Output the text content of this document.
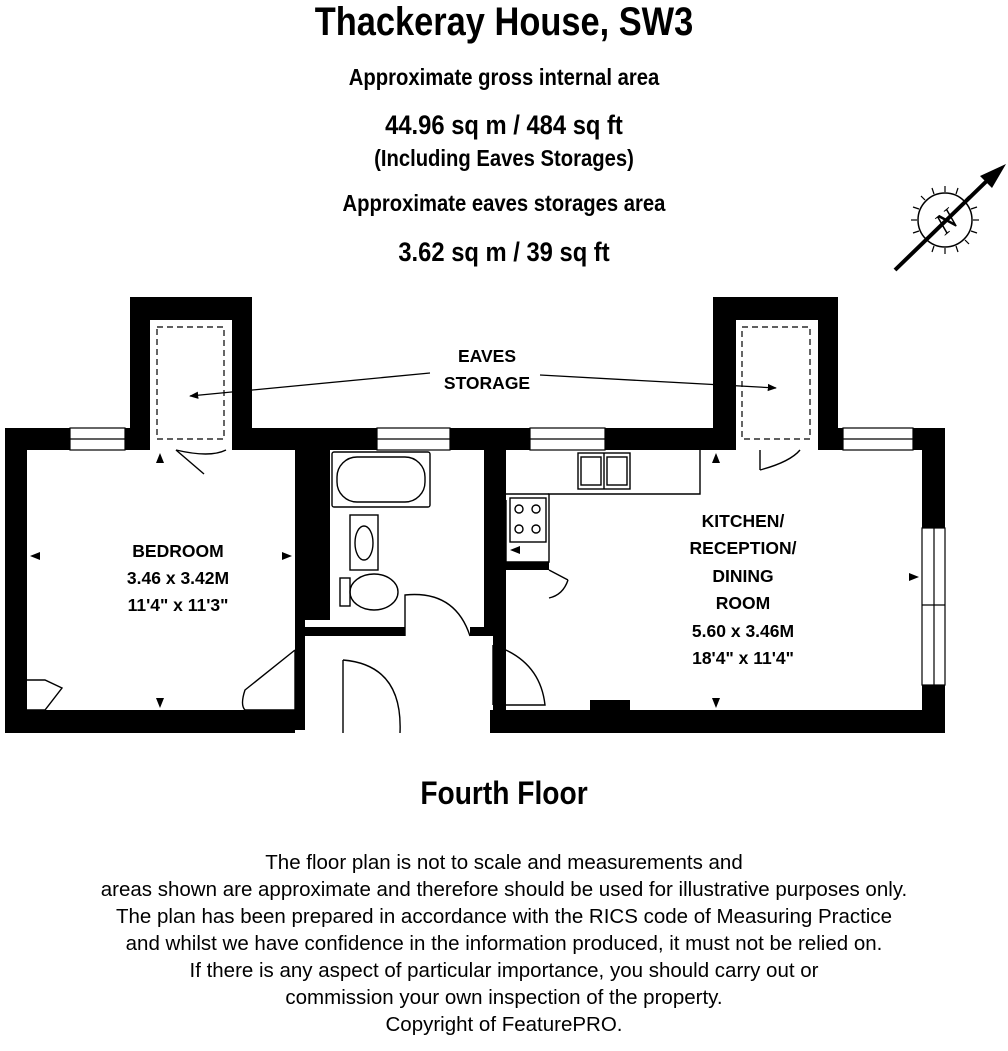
Thackeray House, SW3
Approximate gross internal area
44.96 sq m / 484 sq ft
(Including Eaves Storages)
Approximate eaves storages area
3.62 sq m / 39 sq ft
N
EAVES
STORAGE
BEDROOM
3.46 x 3.42M
11'4" x 11'3"
KITCHEN/
RECEPTION/
DINING
ROOM
5.60 x 3.46M
18'4" x 11'4"
Fourth Floor
The floor plan is not to scale and measurements and
areas shown are approximate and therefore should be used for illustrative purposes only.
The plan has been prepared in accordance with the RICS code of Measuring Practice
and whilst we have confidence in the information produced, it must not be relied on.
If there is any aspect of particular importance, you should carry out or
commission your own inspection of the property.
Copyright of FeaturePRO.
